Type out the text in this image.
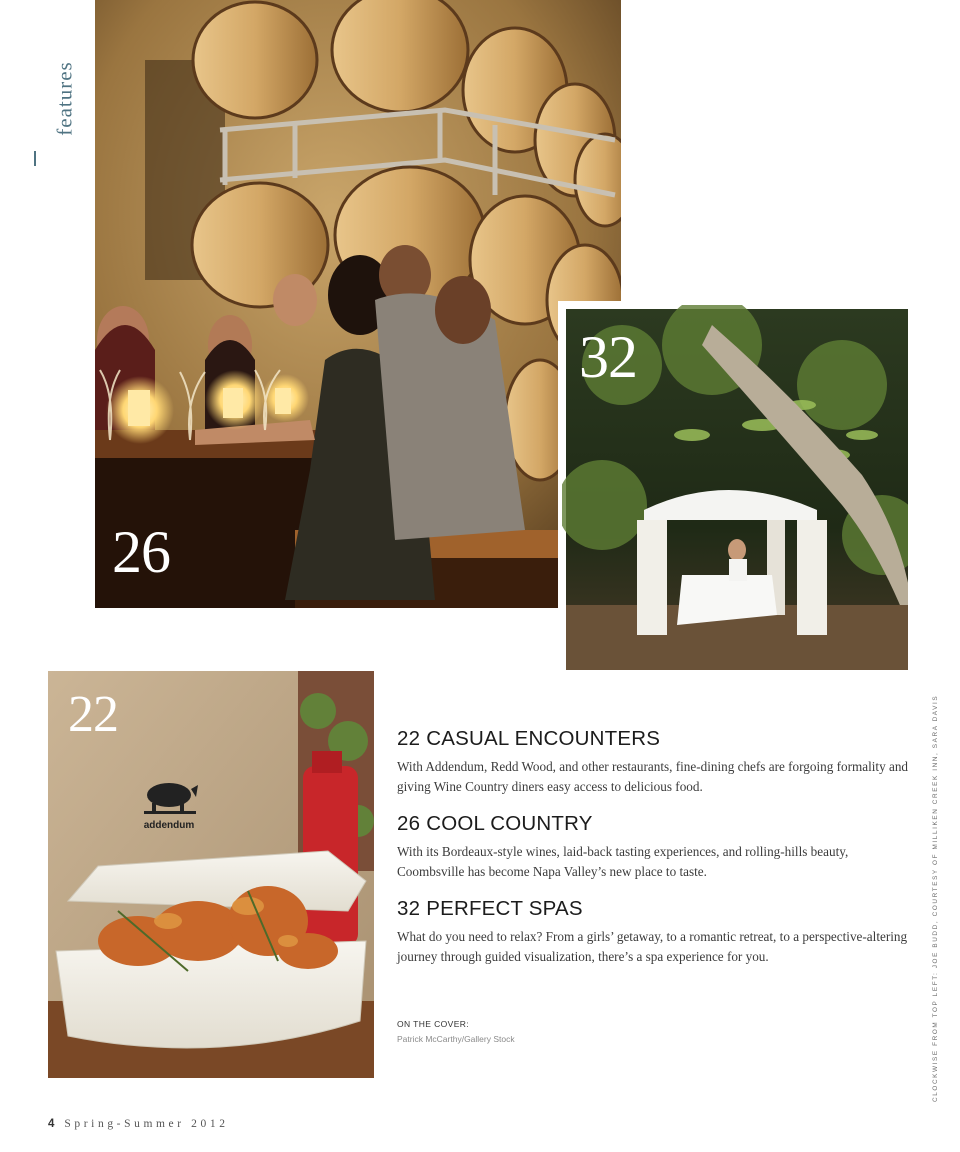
features
26
32
addendum
22	22 CASUAL ENCOUNTERS

With Addendum, Redd Wood, and other restaurants, fine-dining chefs are forgoing formality and giving Wine Country diners easy access to delicious food.

26 COOL COUNTRY

With its Bordeaux-style wines, laid-back tasting experiences, and rolling-hills beauty, Coombsville has become Napa Valley’s new place to taste.

32 PERFECT SPAS

What do you need to relax? From a girls’ getaway, to a romantic retreat, to a perspective-altering journey through guided visualization, there’s a spa experience for you.

ON THE COVER:
Patrick McCarthy/Gallery Stock	CLOCKWISE FROM TOP LEFT: JOE BUDD, COURTESY OF MILLIKEN CREEK INN, SARA DAVIS
4 Spring-Summer 2012
